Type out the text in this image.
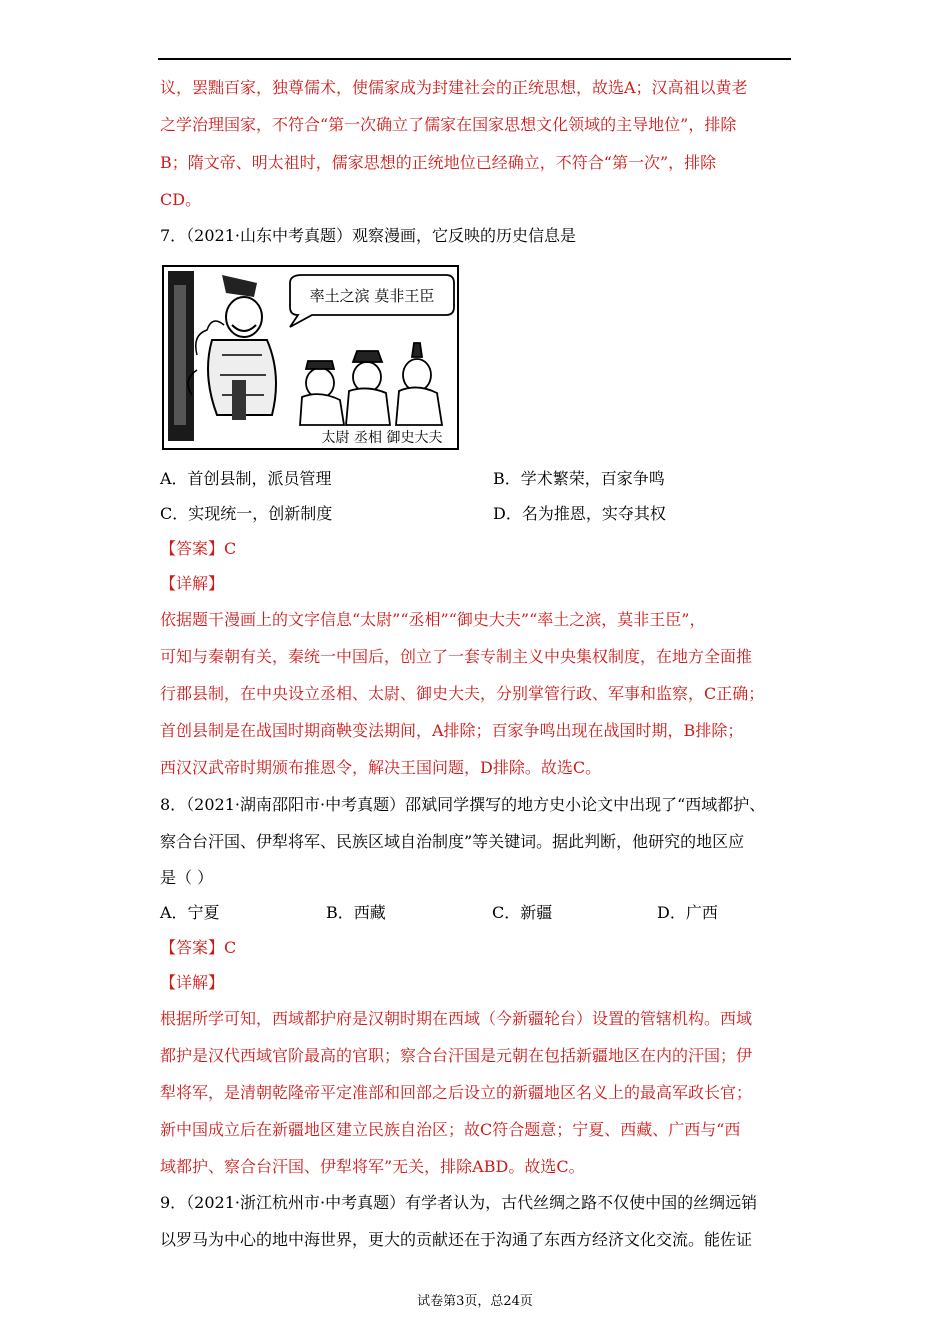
议，罢黜百家，独尊儒术，使儒家成为封建社会的正统思想，故选A；汉高祖以黄老
之学治理国家，不符合“第一次确立了儒家在国家思想文化领域的主导地位”，排除
B；隋文帝、明太祖时，儒家思想的正统地位已经确立，不符合“第一次”，排除
CD。
7．（2021·山东中考真题）观察漫画，它反映的历史信息是
率土之滨 莫非王臣
太尉 丞相 御史大夫
A．首创县制，派员管理	B．学术繁荣，百家争鸣
C．实现统一，创新制度	D．名为推恩，实夺其权
【答案】C
【详解】
依据题干漫画上的文字信息“太尉”“丞相”“御史大夫”“率土之滨，莫非王臣”，
可知与秦朝有关，秦统一中国后，创立了一套专制主义中央集权制度，在地方全面推
行郡县制，在中央设立丞相、太尉、御史大夫，分别掌管行政、军事和监察，C正确；
首创县制是在战国时期商鞅变法期间，A排除；百家争鸣出现在战国时期，B排除；
西汉汉武帝时期颁布推恩令，解决王国问题，D排除。故选C。
8．（2021·湖南邵阳市·中考真题）邵斌同学撰写的地方史小论文中出现了“西域都护、
察合台汗国、伊犁将军、民族区域自治制度”等关键词。据此判断，他研究的地区应
是（ ）
A．宁夏	B．西藏	C．新疆	D．广西
【答案】C
【详解】
根据所学可知，西域都护府是汉朝时期在西域（今新疆轮台）设置的管辖机构。西域
都护是汉代西域官阶最高的官职；察合台汗国是元朝在包括新疆地区在内的汗国；伊
犁将军，是清朝乾隆帝平定准部和回部之后设立的新疆地区名义上的最高军政长官；
新中国成立后在新疆地区建立民族自治区；故C符合题意；宁夏、西藏、广西与“西
域都护、察合台汗国、伊犁将军”无关，排除ABD。故选C。
9．（2021·浙江杭州市·中考真题）有学者认为，古代丝绸之路不仅使中国的丝绸远销
以罗马为中心的地中海世界，更大的贡献还在于沟通了东西方经济文化交流。能佐证
试卷第3页，总24页
